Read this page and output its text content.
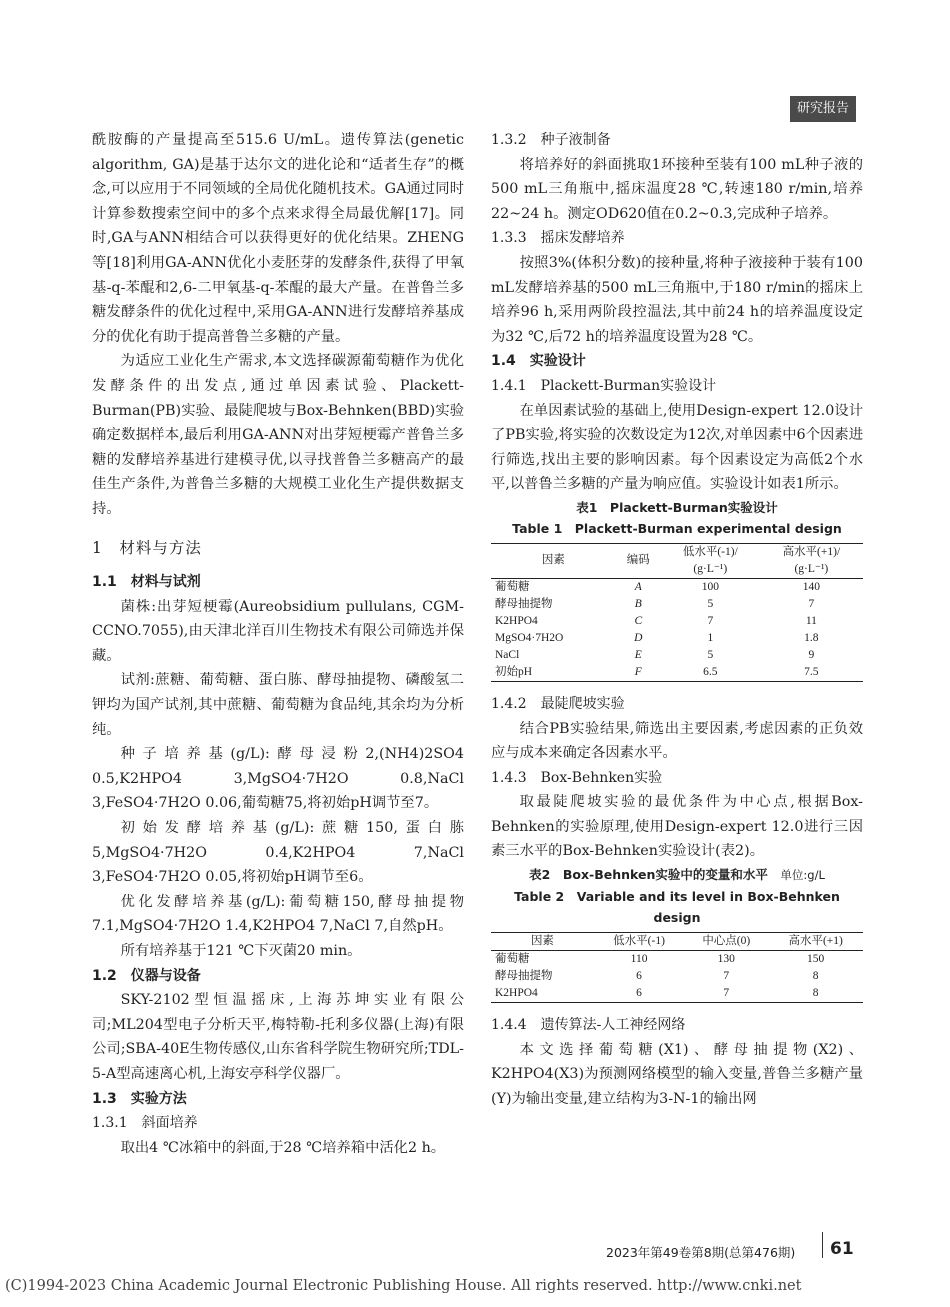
研究报告

酰胺酶的产量提高至515.6 U/mL。遗传算法(genetic algorithm, GA)是基于达尔文的进化论和“适者生存”的概念,可以应用于不同领域的全局优化随机技术。GA通过同时计算参数搜索空间中的多个点来求得全局最优解[17]。同时,GA与ANN相结合可以获得更好的优化结果。ZHENG等[18]利用GA-ANN优化小麦胚芽的发酵条件,获得了甲氧基-q-苯醌和2,6-二甲氧基-q-苯醌的最大产量。在普鲁兰多糖发酵条件的优化过程中,采用GA-ANN进行发酵培养基成分的优化有助于提高普鲁兰多糖的产量。

为适应工业化生产需求,本文选择碳源葡萄糖作为优化发酵条件的出发点,通过单因素试验、Plackett-Burman(PB)实验、最陡爬坡与Box-Behnken(BBD)实验确定数据样本,最后利用GA-ANN对出芽短梗霉产普鲁兰多糖的发酵培养基进行建模寻优,以寻找普鲁兰多糖高产的最佳生产条件,为普鲁兰多糖的大规模工业化生产提供数据支持。

1　材料与方法

1.1　材料与试剂

菌株:出芽短梗霉(Aureobsidium pullulans, CGM-CCNO.7055),由天津北洋百川生物技术有限公司筛选并保藏。

试剂:蔗糖、葡萄糖、蛋白胨、酵母抽提物、磷酸氢二钾均为国产试剂,其中蔗糖、葡萄糖为食品纯,其余均为分析纯。

种子培养基(g/L):酵母浸粉2,(NH4)2SO4 0.5,K2HPO4 3,MgSO4·7H2O 0.8,NaCl 3,FeSO4·7H2O 0.06,葡萄糖75,将初始pH调节至7。

初始发酵培养基(g/L):蔗糖150,蛋白胨5,MgSO4·7H2O 0.4,K2HPO4 7,NaCl 3,FeSO4·7H2O 0.05,将初始pH调节至6。

优化发酵培养基(g/L):葡萄糖150,酵母抽提物7.1,MgSO4·7H2O 1.4,K2HPO4 7,NaCl 7,自然pH。

所有培养基于121 ℃下灭菌20 min。

1.2　仪器与设备

SKY-2102型恒温摇床,上海苏坤实业有限公司;ML204型电子分析天平,梅特勒-托利多仪器(上海)有限公司;SBA-40E生物传感仪,山东省科学院生物研究所;TDL-5-A型高速离心机,上海安亭科学仪器厂。

1.3　实验方法

1.3.1　斜面培养

取出4 ℃冰箱中的斜面,于28 ℃培养箱中活化2 h。

1.3.2　种子液制备

将培养好的斜面挑取1环接种至装有100 mL种子液的500 mL三角瓶中,摇床温度28 ℃,转速180 r/min,培养22~24 h。测定OD620值在0.2~0.3,完成种子培养。

1.3.3　摇床发酵培养

按照3%(体积分数)的接种量,将种子液接种于装有100 mL发酵培养基的500 mL三角瓶中,于180 r/min的摇床上培养96 h,采用两阶段控温法,其中前24 h的培养温度设定为32 ℃,后72 h的培养温度设置为28 ℃。

1.4　实验设计

1.4.1　Plackett-Burman实验设计

在单因素试验的基础上,使用Design-expert 12.0设计了PB实验,将实验的次数设定为12次,对单因素中6个因素进行筛选,找出主要的影响因素。每个因素设定为高低2个水平,以普鲁兰多糖的产量为响应值。实验设计如表1所示。

表1　Plackett-Burman实验设计

Table 1　Plackett-Burman experimental design

因素	编码	低水平(-1)/
(g·L⁻¹)	高水平(+1)/
(g·L⁻¹)
葡萄糖	A	100	140
酵母抽提物	B	5	7
K2HPO4	C	7	11
MgSO4·7H2O	D	1	1.8
NaCl	E	5	9
初始pH	F	6.5	7.5

1.4.2　最陡爬坡实验

结合PB实验结果,筛选出主要因素,考虑因素的正负效应与成本来确定各因素水平。

1.4.3　Box-Behnken实验

取最陡爬坡实验的最优条件为中心点,根据Box-Behnken的实验原理,使用Design-expert 12.0进行三因素三水平的Box-Behnken实验设计(表2)。

表2　Box-Behnken实验中的变量和水平　 单位:g/L

Table 2　Variable and its level in Box-Behnken design

因素	低水平(-1)	中心点(0)	高水平(+1)
葡萄糖	110	130	150
酵母抽提物	6	7	8
K2HPO4	6	7	8

1.4.4　遗传算法-人工神经网络

本文选择葡萄糖(X1)、酵母抽提物(X2)、K2HPO4(X3)为预测网络模型的输入变量,普鲁兰多糖产量(Y)为输出变量,建立结构为3-N-1的输出网

2023年第49卷第8期(总第476期) 61
(C)1994-2023 China Academic Journal Electronic Publishing House. All rights reserved. http://www.cnki.net
